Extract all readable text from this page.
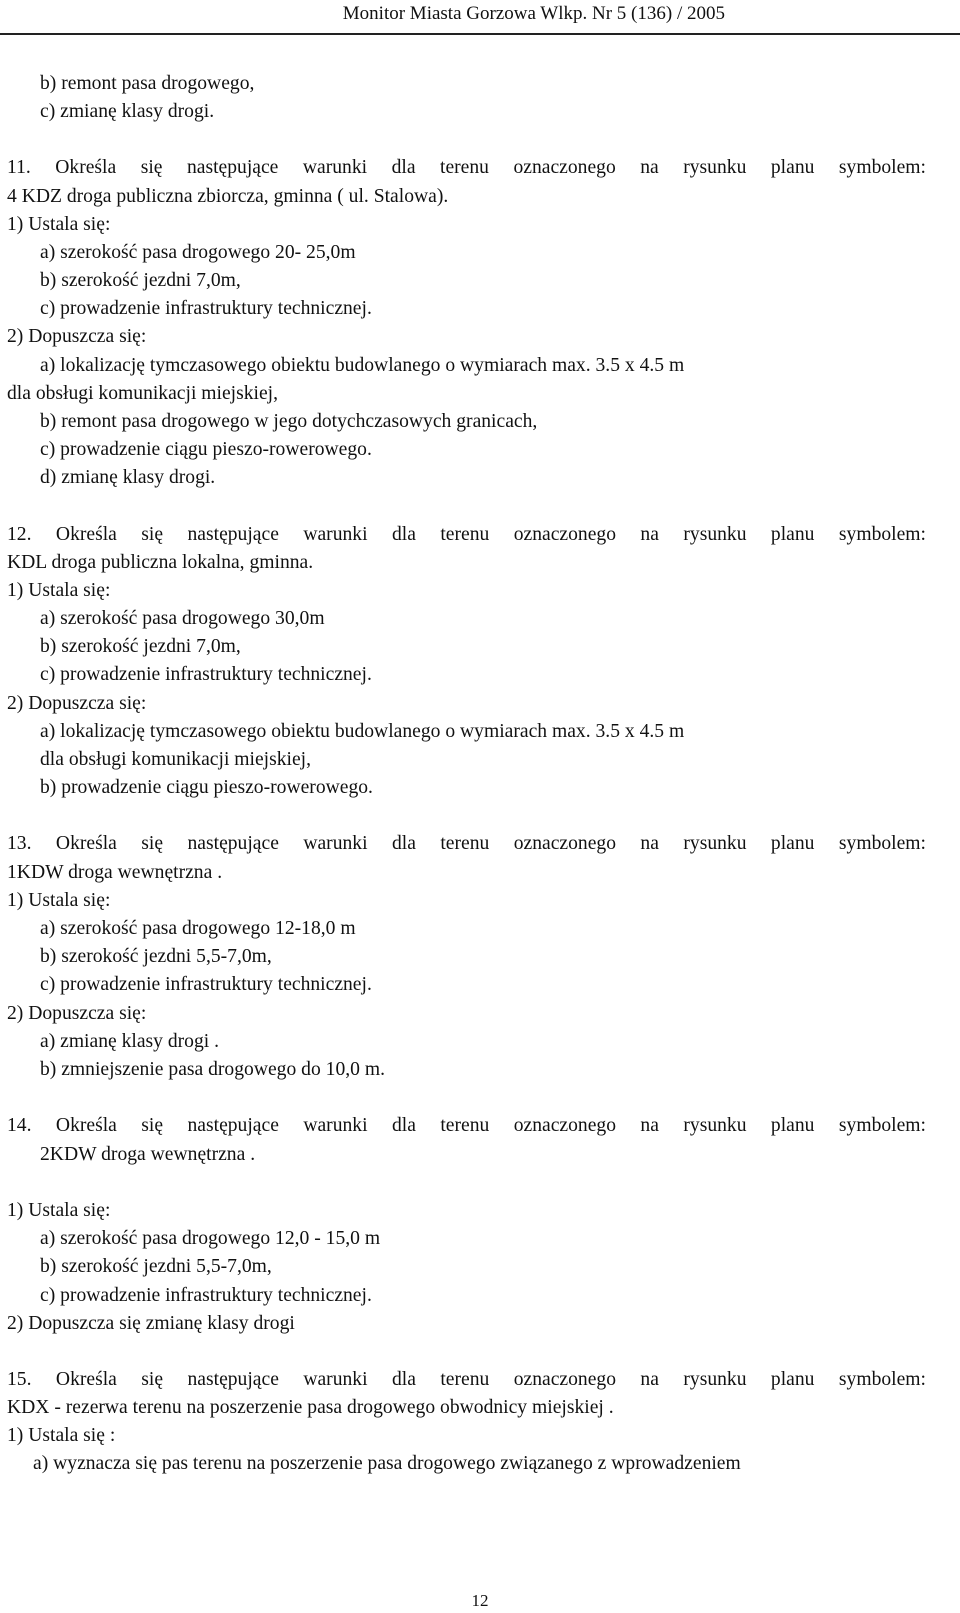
Monitor Miasta Gorzowa Wlkp. Nr 5 (136) / 2005
b) remont pasa drogowego,
c) zmianę klasy drogi.
11. Określa się następujące warunki dla terenu oznaczonego na rysunku planu symbolem:
4 KDZ droga publiczna zbiorcza, gminna ( ul. Stalowa).
1) Ustala się:
a) szerokość pasa drogowego 20- 25,0m
b) szerokość jezdni 7,0m,
c) prowadzenie infrastruktury technicznej.
2) Dopuszcza się:
a) lokalizację tymczasowego obiektu budowlanego o wymiarach max. 3.5 x 4.5 m
dla obsługi komunikacji miejskiej,
b) remont pasa drogowego w jego dotychczasowych granicach,
c) prowadzenie ciągu pieszo-rowerowego.
d) zmianę klasy drogi.
12. Określa się następujące warunki dla terenu oznaczonego na rysunku planu symbolem:
KDL droga publiczna lokalna, gminna.
1) Ustala się:
a) szerokość pasa drogowego 30,0m
b) szerokość jezdni 7,0m,
c) prowadzenie infrastruktury technicznej.
2) Dopuszcza się:
a) lokalizację tymczasowego obiektu budowlanego o wymiarach max. 3.5 x 4.5 m
dla obsługi komunikacji miejskiej,
b) prowadzenie ciągu pieszo-rowerowego.
13. Określa się następujące warunki dla terenu oznaczonego na rysunku planu symbolem:
1KDW droga wewnętrzna .
1) Ustala się:
a) szerokość pasa drogowego 12-18,0 m
b) szerokość jezdni 5,5-7,0m,
c) prowadzenie infrastruktury technicznej.
2) Dopuszcza się:
a) zmianę klasy drogi .
b) zmniejszenie pasa drogowego do 10,0 m.
14. Określa się następujące warunki dla terenu oznaczonego na rysunku planu symbolem:
2KDW droga wewnętrzna .
1) Ustala się:
a) szerokość pasa drogowego 12,0 - 15,0 m
b) szerokość jezdni 5,5-7,0m,
c) prowadzenie infrastruktury technicznej.
2) Dopuszcza się zmianę klasy drogi
15. Określa się następujące warunki dla terenu oznaczonego na rysunku planu symbolem:
KDX - rezerwa terenu na poszerzenie pasa drogowego obwodnicy miejskiej .
1) Ustala się :
a) wyznacza się pas terenu na poszerzenie pasa drogowego związanego z wprowadzeniem
12
